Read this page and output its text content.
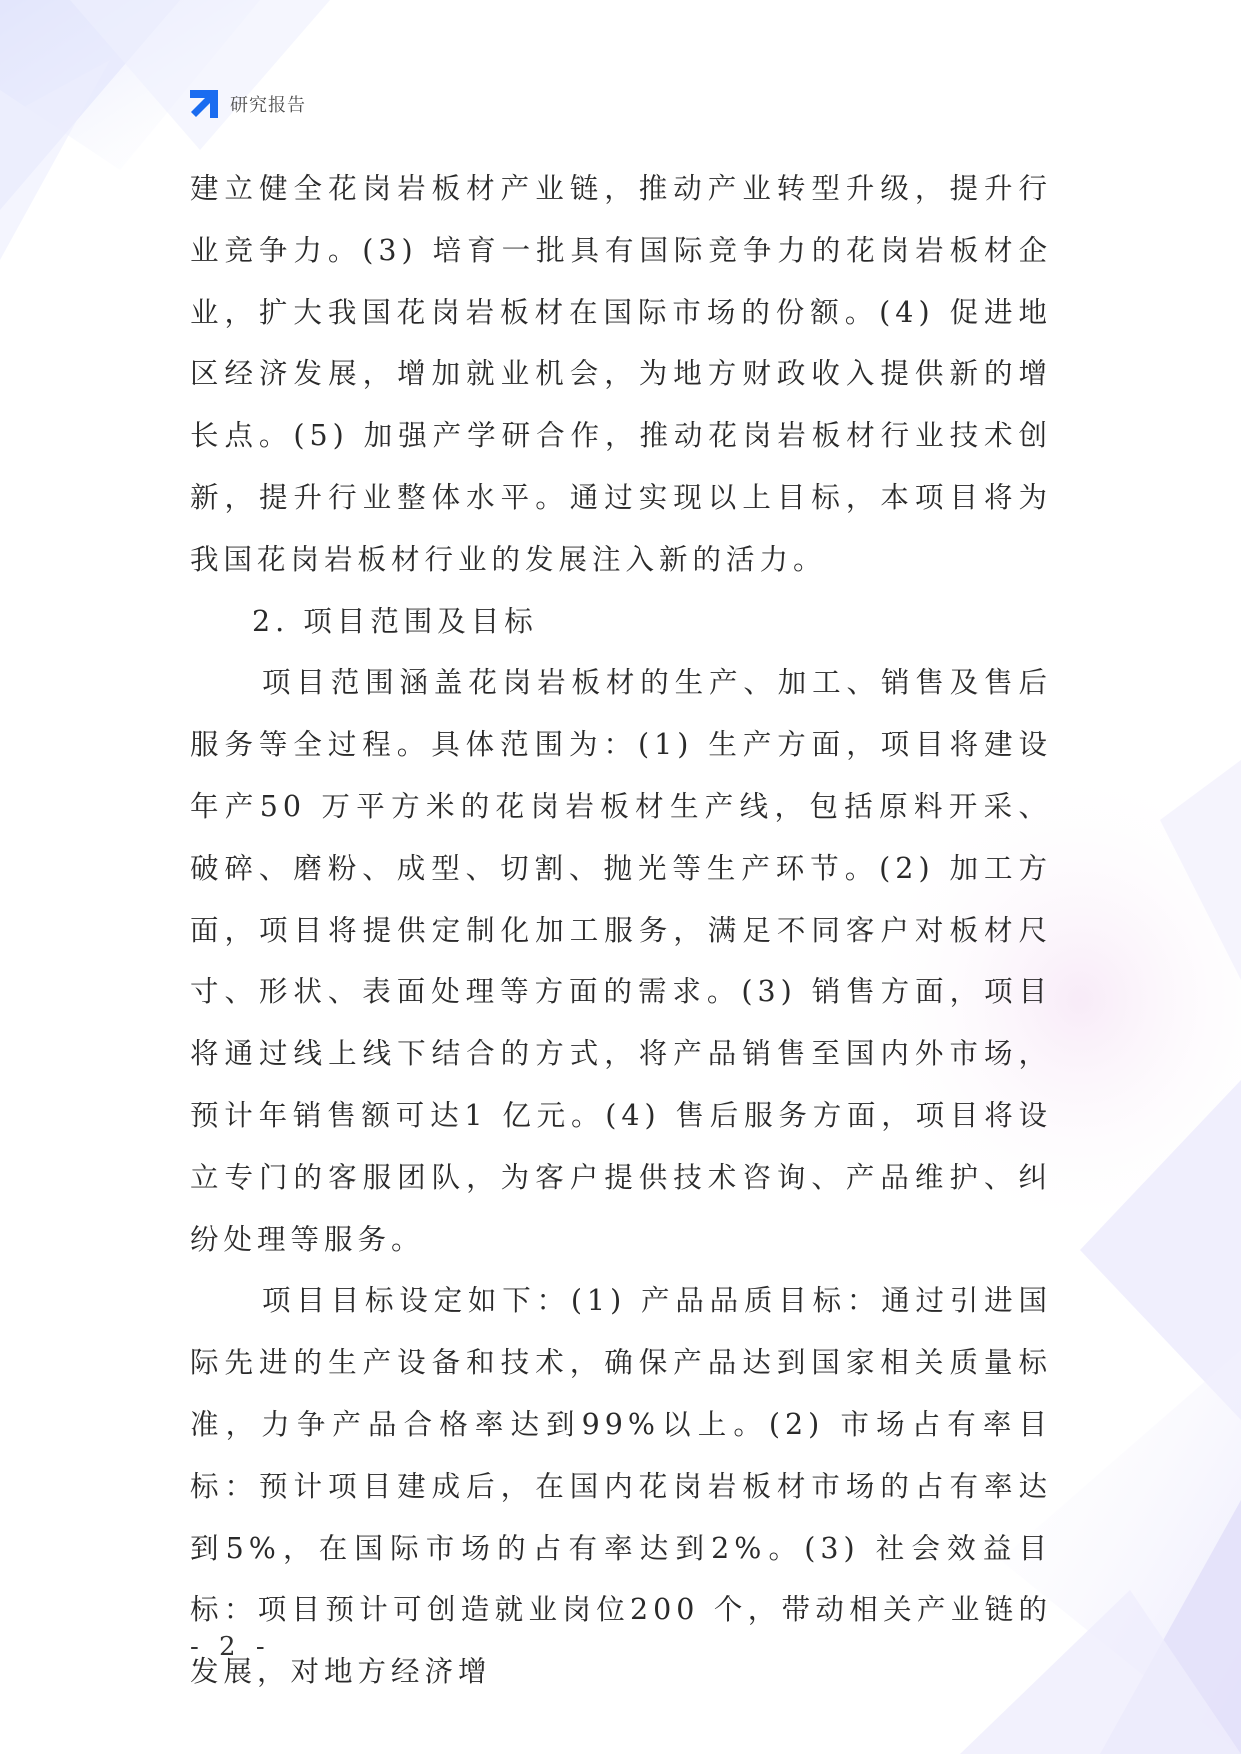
研究报告

建立健全花岗岩板材产业链，推动产业转型升级，提升行业竞争力。(3) 培育一批具有国际竞争力的花岗岩板材企业，扩大我国花岗岩板材在国际市场的份额。(4) 促进地区经济发展，增加就业机会，为地方财政收入提供新的增长点。(5) 加强产学研合作，推动花岗岩板材行业技术创新，提升行业整体水平。通过实现以上目标，本项目将为我国花岗岩板材行业的发展注入新的活力。

2. 项目范围及目标

项目范围涵盖花岗岩板材的生产、加工、销售及售后服务等全过程。具体范围为：(1) 生产方面，项目将建设年产50 万平方米的花岗岩板材生产线，包括原料开采、破碎、磨粉、成型、切割、抛光等生产环节。(2) 加工方面，项目将提供定制化加工服务，满足不同客户对板材尺寸、形状、表面处理等方面的需求。(3) 销售方面，项目将通过线上线下结合的方式，将产品销售至国内外市场，预计年销售额可达1 亿元。(4) 售后服务方面，项目将设立专门的客服团队，为客户提供技术咨询、产品维护、纠纷处理等服务。

项目目标设定如下：(1) 产品品质目标：通过引进国际先进的生产设备和技术，确保产品达到国家相关质量标准，力争产品合格率达到99%以上。(2) 市场占有率目标：预计项目建成后，在国内花岗岩板材市场的占有率达到5%，在国际市场的占有率达到2%。(3) 社会效益目标：项目预计可创造就业岗位200 个，带动相关产业链的发展，对地方经济增

- 2 -
